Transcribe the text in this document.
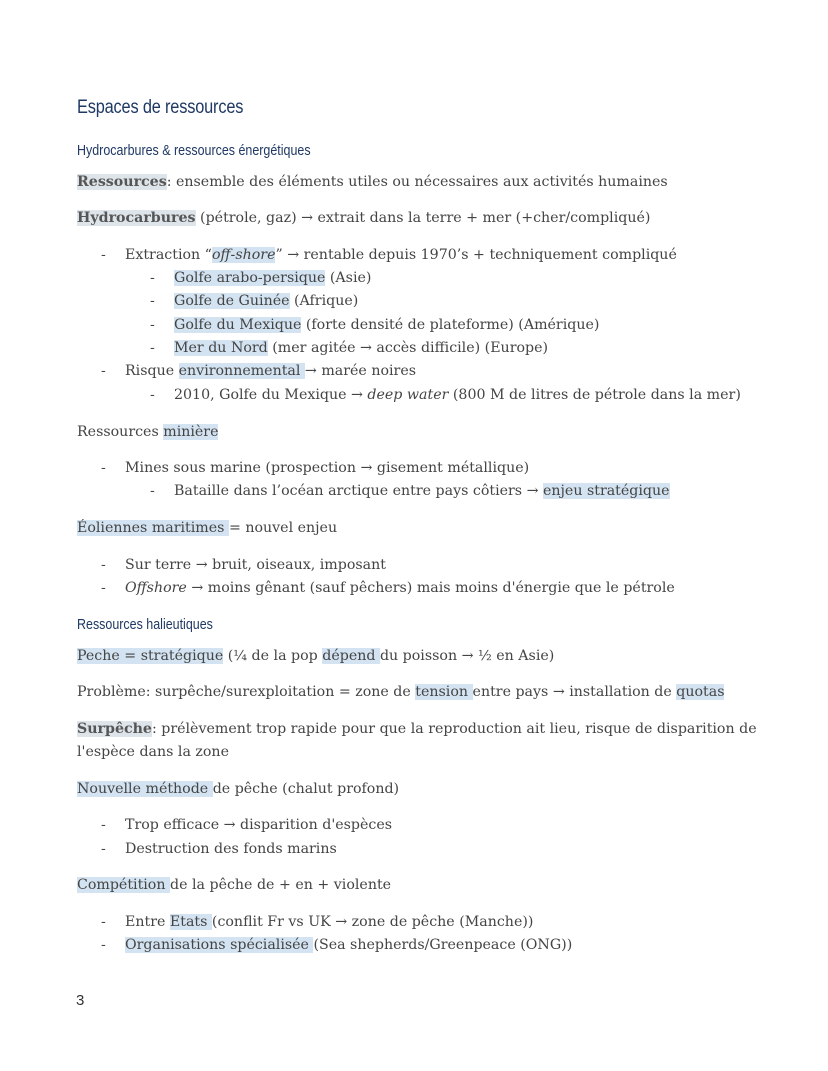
Espaces de ressources
Hydrocarbures & ressources énergétiques
Ressources: ensemble des éléments utiles ou nécessaires aux activités humaines
Hydrocarbures (pétrole, gaz) → extrait dans la terre + mer (+cher/compliqué)
- Extraction “off-shore” → rentable depuis 1970’s + techniquement compliqué
- Golfe arabo-persique (Asie)
- Golfe de Guinée (Afrique)
- Golfe du Mexique (forte densité de plateforme) (Amérique)
- Mer du Nord (mer agitée → accès difficile) (Europe)
- Risque environnemental → marée noires
- 2010, Golfe du Mexique → deep water (800 M de litres de pétrole dans la mer)
Ressources minière
- Mines sous marine (prospection → gisement métallique)
- Bataille dans l’océan arctique entre pays côtiers → enjeu stratégique
Éoliennes maritimes = nouvel enjeu
- Sur terre → bruit, oiseaux, imposant
- Offshore → moins gênant (sauf pêchers) mais moins d'énergie que le pétrole
Ressources halieutiques
Peche = stratégique (¼ de la pop dépend du poisson → ½ en Asie)
Problème: surpêche/surexploitation = zone de tension entre pays → installation de quotas
Surpêche: prélèvement trop rapide pour que la reproduction ait lieu, risque de disparition de l'espèce dans la zone
Nouvelle méthode de pêche (chalut profond)
- Trop efficace → disparition d'espèces
- Destruction des fonds marins
Compétition de la pêche de + en + violente
- Entre Etats (conflit Fr vs UK → zone de pêche (Manche))
- Organisations spécialisée (Sea shepherds/Greenpeace (ONG))
3
